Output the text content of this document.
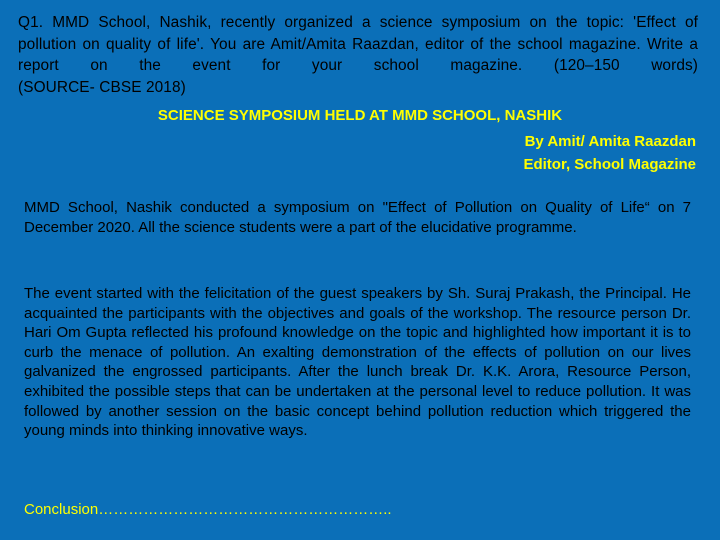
Q1. MMD School, Nashik, recently organized a science symposium on the topic: 'Effect of pollution on quality of life'. You are Amit/Amita Raazdan, editor of the school magazine. Write a report on the event for your school magazine. (120–150 words)
(SOURCE- CBSE 2018)
SCIENCE SYMPOSIUM HELD AT MMD SCHOOL, NASHIK
By Amit/ Amita Raazdan
Editor, School Magazine
MMD School, Nashik conducted a symposium on "Effect of Pollution on Quality of Life“ on 7 December 2020. All the science students were a part of the elucidative programme.
The event started with the felicitation of the guest speakers by Sh. Suraj Prakash, the Principal. He acquainted the participants with the objectives and goals of the workshop. The resource person Dr. Hari Om Gupta reflected his profound knowledge on the topic and highlighted how important it is to curb the menace of pollution. An exalting demonstration of the effects of pollution on our lives galvanized the engrossed participants. After the lunch break Dr. K.K. Arora, Resource Person, exhibited the possible steps that can be undertaken at the personal level to reduce pollution. It was followed by another session on the basic concept behind pollution reduction which triggered the young minds into thinking innovative ways.
Conclusion…………………………………………………..
